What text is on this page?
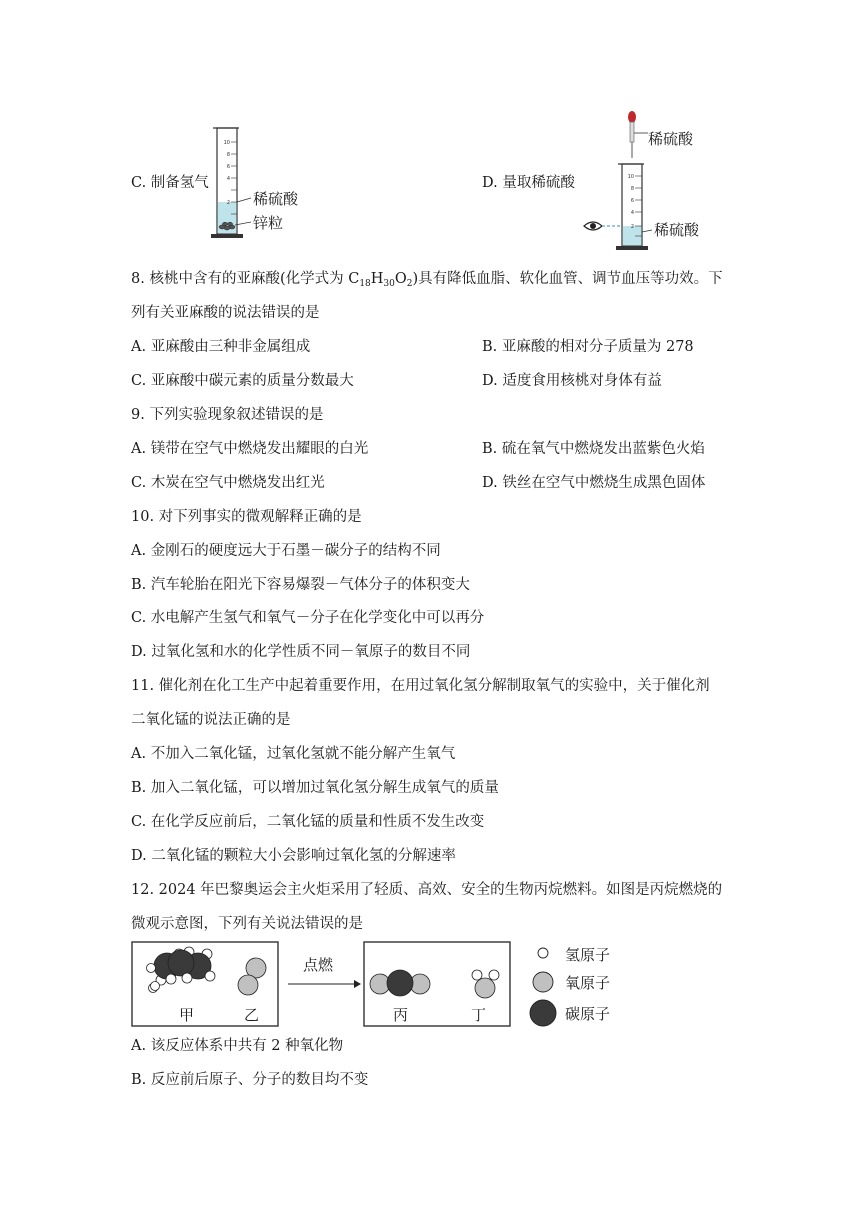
C. 制备氢气	D. 量取稀硫酸
10
8
6
4
2 稀硫酸
锌粒
10
8
6
4
2
稀硫酸
稀硫酸
8. 核桃中含有的亚麻酸(化学式为 $C_{18}H_{30}O_2$)具有降低血脂、软化血管、调节血压等功效。下
列有关亚麻酸的说法错误的是
A. 亚麻酸由三种非金属组成	B. 亚麻酸的相对分子质量为 278
C. 亚麻酸中碳元素的质量分数最大	D. 适度食用核桃对身体有益
9. 下列实验现象叙述错误的是
A. 镁带在空气中燃烧发出耀眼的白光	B. 硫在氧气中燃烧发出蓝紫色火焰
C. 木炭在空气中燃烧发出红光	D. 铁丝在空气中燃烧生成黑色固体
10. 对下列事实的微观解释正确的是
A. 金刚石的硬度远大于石墨－碳分子的结构不同
B. 汽车轮胎在阳光下容易爆裂－气体分子的体积变大
C. 水电解产生氢气和氧气－分子在化学变化中可以再分
D. 过氧化氢和水的化学性质不同－氧原子的数目不同
11. 催化剂在化工生产中起着重要作用，在用过氧化氢分解制取氧气的实验中，关于催化剂
二氧化锰的说法正确的是
A. 不加入二氧化锰，过氧化氢就不能分解产生氧气
B. 加入二氧化锰，可以增加过氧化氢分解生成氧气的质量
C. 在化学反应前后，二氧化锰的质量和性质不发生改变
D. 二氧化锰的颗粒大小会影响过氧化氢的分解速率
12. 2024 年巴黎奥运会主火炬采用了轻质、高效、安全的生物丙烷燃料。如图是丙烷燃烧的
微观示意图，下列有关说法错误的是
点燃
甲	乙	丙	丁
氢原子
氧原子
碳原子
A. 该反应体系中共有 2 种氧化物
B. 反应前后原子、分子的数目均不变
